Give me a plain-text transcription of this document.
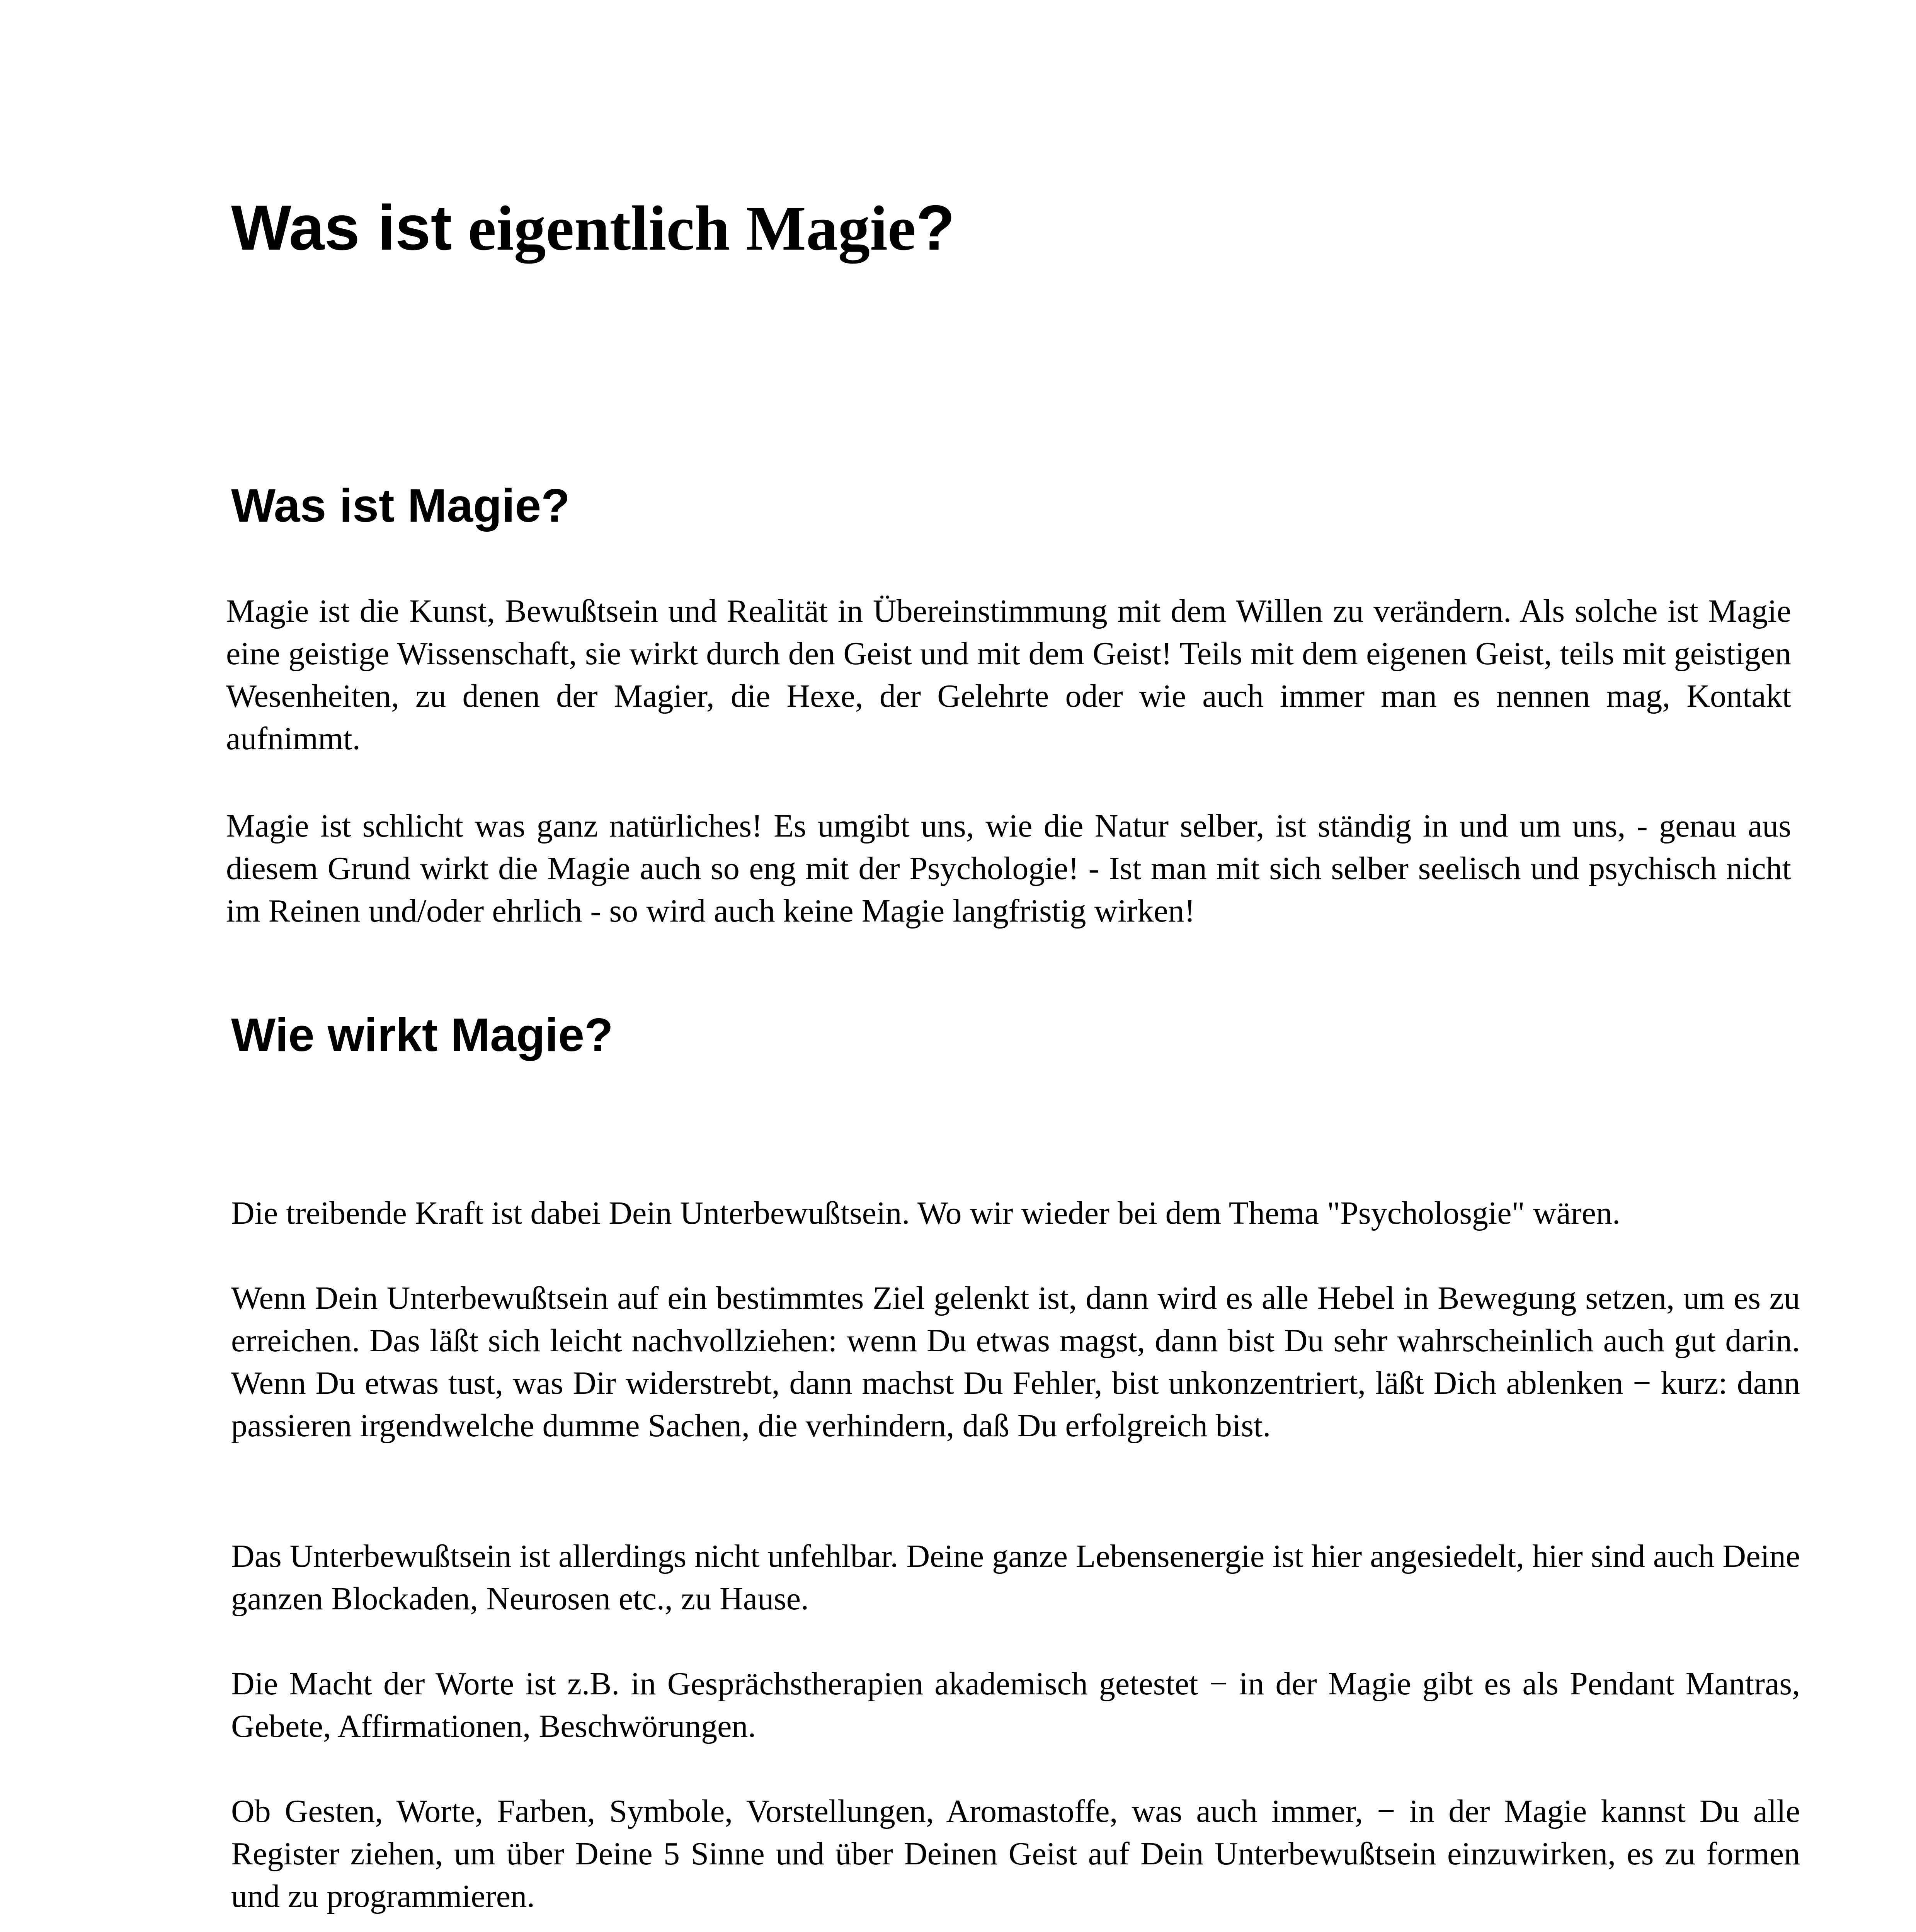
Was ist eigentlich Magie?
Was ist Magie?

Magie ist die Kunst, Bewußtsein und Realität in Übereinstimmung mit dem Willen zu verändern. Als solche ist Magie eine geistige Wissenschaft, sie wirkt durch den Geist und mit dem Geist! Teils mit dem eigenen Geist, teils mit geistigen Wesenheiten, zu denen der Magier, die Hexe, der Gelehrte oder wie auch immer man es nennen mag, Kontakt aufnimmt.

Magie ist schlicht was ganz natürliches! Es umgibt uns, wie die Natur selber, ist ständig in und um uns, - genau aus diesem Grund wirkt die Magie auch so eng mit der Psychologie! - Ist man mit sich selber seelisch und psychisch nicht im Reinen und/oder ehrlich - so wird auch keine Magie langfristig wirken!

Wie wirkt Magie?

Die treibende Kraft ist dabei Dein Unterbewußtsein. Wo wir wieder bei dem Thema "Psycholosgie" wären.

Wenn Dein Unterbewußtsein auf ein bestimmtes Ziel gelenkt ist, dann wird es alle Hebel in Bewegung setzen, um es zu erreichen. Das läßt sich leicht nachvollziehen: wenn Du etwas magst, dann bist Du sehr wahrscheinlich auch gut darin. Wenn Du etwas tust, was Dir widerstrebt, dann machst Du Fehler, bist unkonzentriert, läßt Dich ablenken − kurz: dann passieren irgendwelche dumme Sachen, die verhindern, daß Du erfolgreich bist.

Das Unterbewußtsein ist allerdings nicht unfehlbar. Deine ganze Lebensenergie ist hier angesiedelt, hier sind auch Deine ganzen Blockaden, Neurosen etc., zu Hause.

Die Macht der Worte ist z.B. in Gesprächstherapien akademisch getestet − in der Magie gibt es als Pendant Mantras, Gebete, Affirmationen, Beschwörungen.

Ob Gesten, Worte, Farben, Symbole, Vorstellungen, Aromastoffe, was auch immer, − in der Magie kannst Du alle Register ziehen, um über Deine 5 Sinne und über Deinen Geist auf Dein Unterbewußtsein einzuwirken, es zu formen und zu programmieren.
